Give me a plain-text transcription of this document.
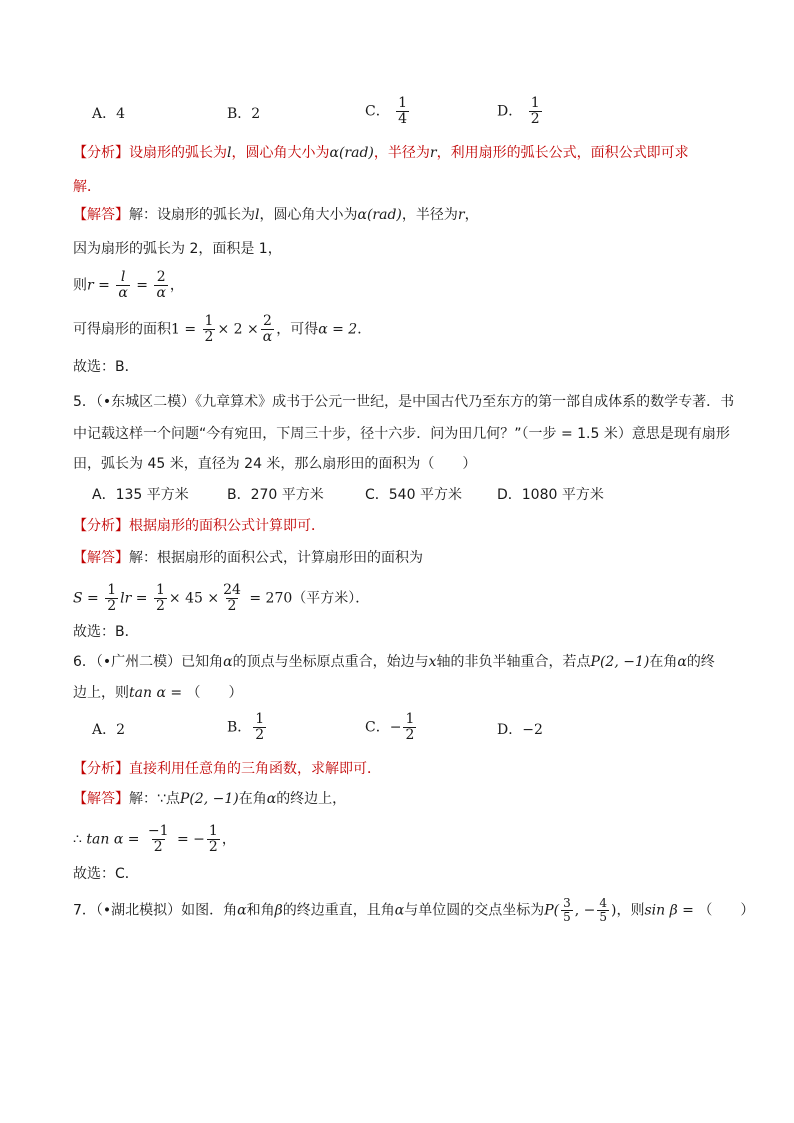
A．4	B．2	C． $\frac{1}{4}$	D． $\frac{1}{2}$
【分析】设扇形的弧长为l，圆心角大小为α(rad)，半径为r，利用扇形的弧长公式，面积公式即可求
解．
【解答】解：设扇形的弧长为l，圆心角大小为α(rad)，半径为r，
因为扇形的弧长为 2，面积是 1，
则$r = \frac{l}{\alpha} = \frac{2}{\alpha}$ ，
可得扇形的面积$1 = \frac{1}{2} \times 2 \times \frac{2}{\alpha}$ ，可得α = 2．
故选：B．
5．（•东城区二模）《九章算术》成书于公元一世纪，是中国古代乃至东方的第一部自成体系的数学专著．书
中记载这样一个问题“今有宛田，下周三十步，径十六步．问为田几何？”（一步 = 1.5 米）意思是现有扇形
田，弧长为 45 米，直径为 24 米，那么扇形田的面积为（　　）
A．135 平方米	B．270 平方米	C．540 平方米	D．1080 平方米
【分析】根据扇形的面积公式计算即可．
【解答】解：根据扇形的面积公式，计算扇形田的面积为
$S = \frac{1}{2}$ lr = $\frac{1}{2} \times 45 \times \frac{24}{2} = 270$（平方米）．
故选：B．
6．（•广州二模）已知角α的顶点与坐标原点重合，始边与x轴的非负半轴重合，若点P(2, −1)在角α的终
边上，则tan α = （　　）
A．2	B． $\frac{1}{2}$	C．− $\frac{1}{2}$	D．−2
【分析】直接利用任意角的三角函数，求解即可．
【解答】解：∵点P(2, −1)在角α的终边上，
∴ $\tan \alpha = \frac{-1}{2}$ = − $\frac{1}{2}$ ，
故选：C．
7．（•湖北模拟）如图．角α和角β的终边重直，且角α与单位圆的交点坐标为$P( \frac{3}{5}$ , − $\frac{4}{5}$ )，则sin β = （　　）
